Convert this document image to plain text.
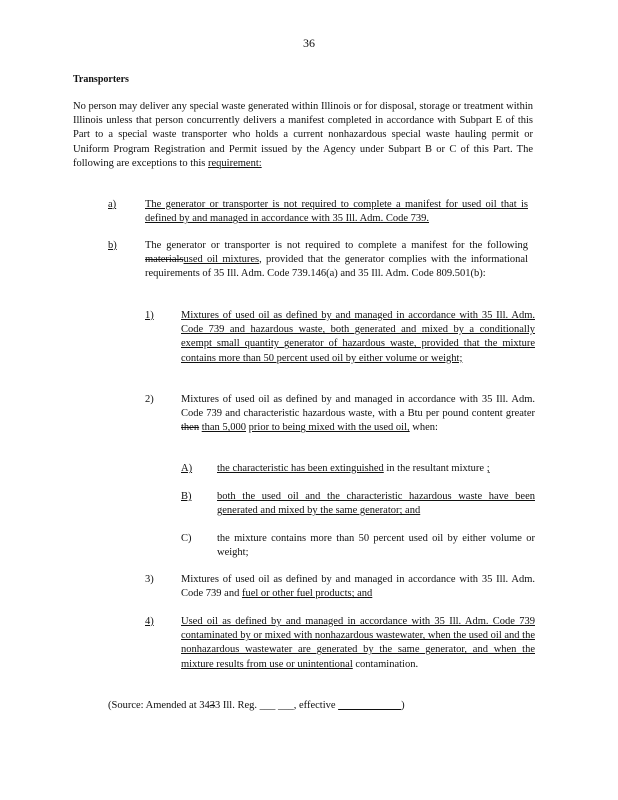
36
Transporters
No person may deliver any special waste generated within Illinois or for disposal, storage or treatment within Illinois unless that person concurrently delivers a manifest completed in accordance with Subpart E of this Part to a special waste transporter who holds a current nonhazardous special waste hauling permit or Uniform Program Registration and Permit issued by the Agency under Subpart B or C of this Part. The following are exceptions to this requirement:
a)	The generator or transporter is not required to complete a manifest for used oil that is defined by and managed in accordance with 35 Ill. Adm. Code 739.
b)	The generator or transporter is not required to complete a manifest for the following materialsused oil mixtures, provided that the generator complies with the informational requirements of 35 Ill. Adm. Code 739.146(a) and 35 Ill. Adm. Code 809.501(b):
1)	Mixtures of used oil as defined by and managed in accordance with 35 Ill. Adm. Code 739 and hazardous waste, both generated and mixed by a conditionally exempt small quantity generator of hazardous waste, provided that the mixture contains more than 50 percent used oil by either volume or weight;
2)	Mixtures of used oil as defined by and managed in accordance with 35 Ill. Adm. Code 739 and characteristic hazardous waste, with a Btu per pound content greater then than 5,000 prior to being mixed with the used oil, when:
A) the characteristic has been extinguished in the resultant mixture ;
B) both the used oil and the characteristic hazardous waste have been generated and mixed by the same generator; and
C) the mixture contains more than 50 percent used oil by either volume or weight;
3)	Mixtures of used oil as defined by and managed in accordance with 35 Ill. Adm. Code 739 and fuel or other fuel products; and
4)	Used oil as defined by and managed in accordance with 35 Ill. Adm. Code 739 contaminated by or mixed with nonhazardous wastewater, when the used oil and the nonhazardous wastewater are generated by the same generator, and when the mixture results from use or unintentional contamination.
(Source: Amended at 3433 Ill. Reg. ___ ___, effective ____________)
